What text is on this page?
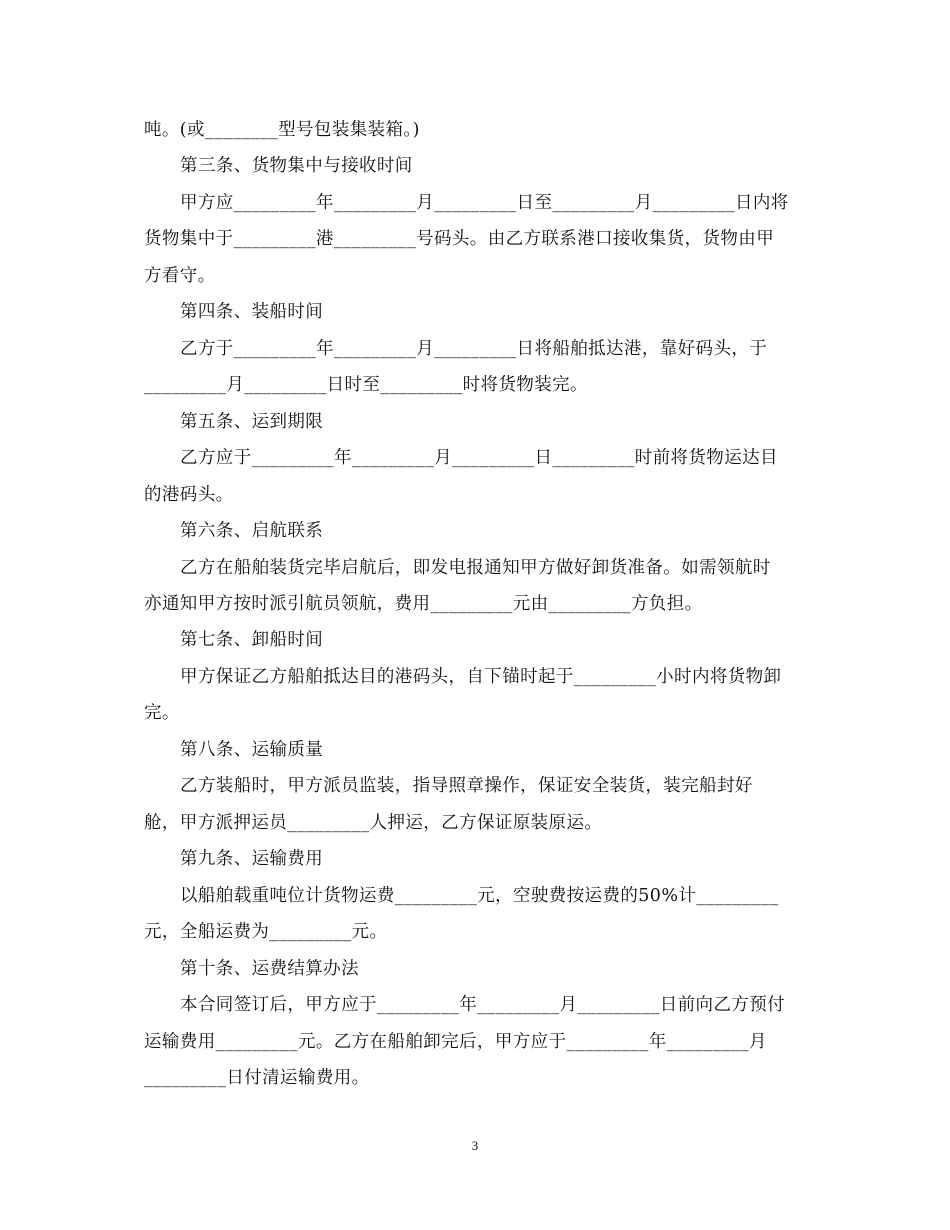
吨。(或________型号包装集装箱。)
第三条、货物集中与接收时间
甲方应_________年_________月_________日至_________月_________日内将
货物集中于_________港_________号码头。由乙方联系港口接收集货，货物由甲
方看守。
第四条、装船时间
乙方于_________年_________月_________日将船舶抵达港，靠好码头，于
_________月_________日时至_________时将货物装完。
第五条、运到期限
乙方应于_________年_________月_________日_________时前将货物运达目
的港码头。
第六条、启航联系
乙方在船舶装货完毕启航后，即发电报通知甲方做好卸货准备。如需领航时
亦通知甲方按时派引航员领航，费用_________元由_________方负担。
第七条、卸船时间
甲方保证乙方船舶抵达目的港码头，自下锚时起于_________小时内将货物卸
完。
第八条、运输质量
乙方装船时，甲方派员监装，指导照章操作，保证安全装货，装完船封好
舱，甲方派押运员_________人押运，乙方保证原装原运。
第九条、运输费用
以船舶载重吨位计货物运费_________元，空驶费按运费的50%计_________
元，全船运费为_________元。
第十条、运费结算办法
本合同签订后，甲方应于_________年_________月_________日前向乙方预付
运输费用_________元。乙方在船舶卸完后，甲方应于_________年_________月
_________日付清运输费用。
3
